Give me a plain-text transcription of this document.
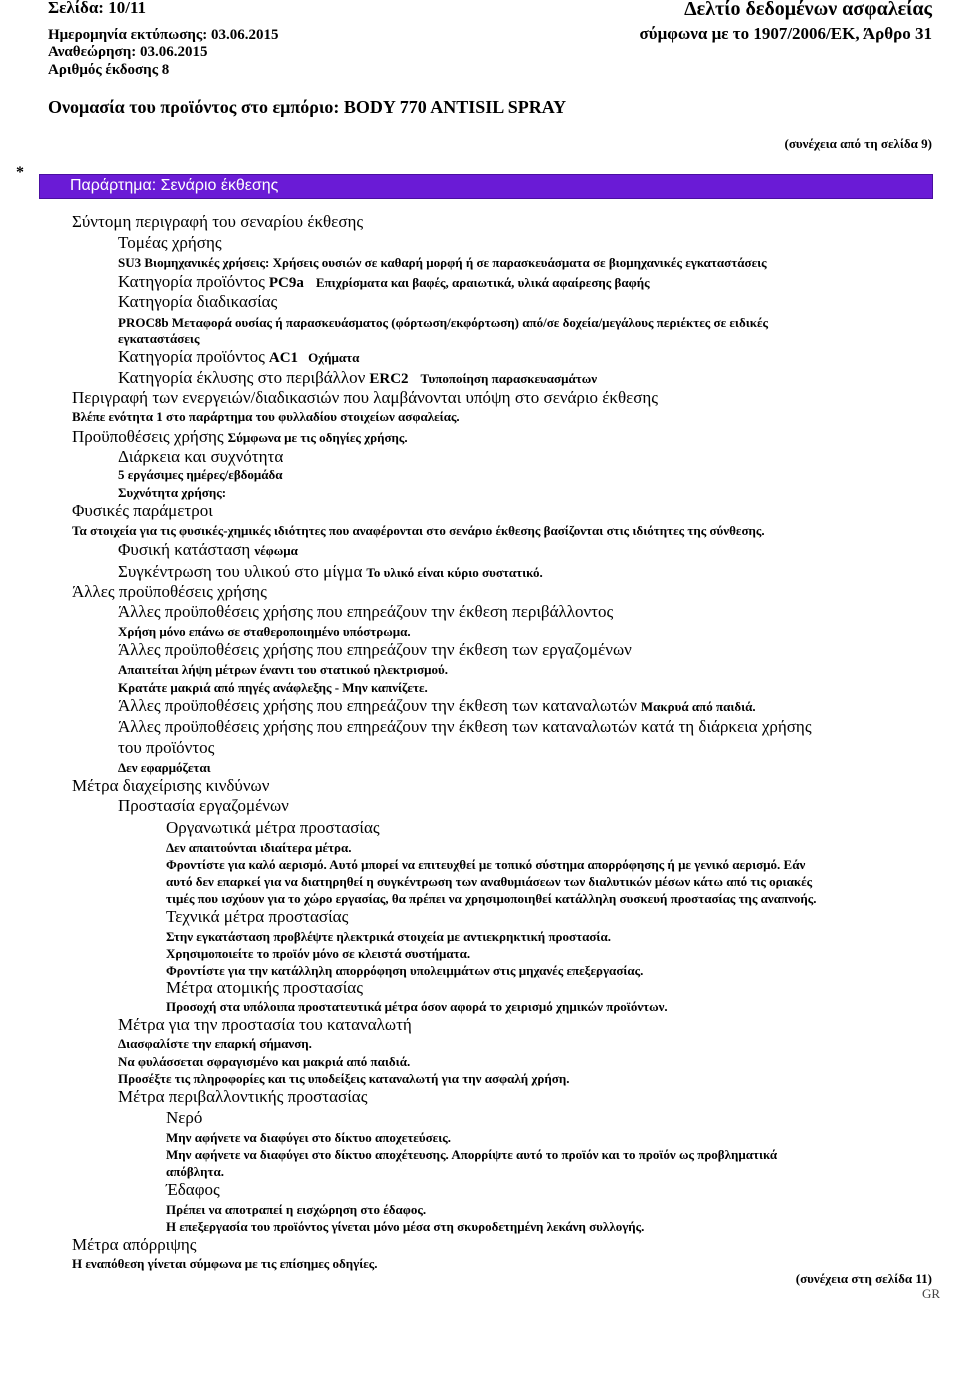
Σελίδα: 10/11
Ημερομηνία εκτύπωσης: 03.06.2015
Αναθεώρηση: 03.06.2015
Αριθμός έκδοσης 8
Δελτίο δεδομένων ασφαλείας
σύμφωνα με το 1907/2006/ΕΚ, Άρθρο 31
Ονομασία του προϊόντος στο εμπόριο: BODY 770 ANTISIL SPRAY
(συνέχεια από τη σελίδα 9)
*
Παράρτημα: Σενάριο έκθεσης
Σύντομη περιγραφή του σεναρίου έκθεσης
Τομέας χρήσης
SU3 Βιομηχανικές χρήσεις: Χρήσεις ουσιών σε καθαρή μορφή ή σε παρασκευάσματα σε βιομηχανικές εγκαταστάσεις
Κατηγορία προϊόντος PC9a Επιχρίσματα και βαφές, αραιωτικά, υλικά αφαίρεσης βαφής
Κατηγορία διαδικασίας
PROC8b Μεταφορά ουσίας ή παρασκευάσματος (φόρτωση/εκφόρτωση) από/σε δοχεία/μεγάλους περιέκτες σε ειδικές
εγκαταστάσεις
Κατηγορία προϊόντος AC1 Οχήματα
Κατηγορία έκλυσης στο περιβάλλον ERC2 Τυποποίηση παρασκευασμάτων
Περιγραφή των ενεργειών/διαδικασιών που λαμβάνονται υπόψη στο σενάριο έκθεσης
Βλέπε ενότητα 1 στο παράρτημα του φυλλαδίου στοιχείων ασφαλείας.
Προϋποθέσεις χρήσης Σύμφωνα με τις οδηγίες χρήσης.
Διάρκεια και συχνότητα
5 εργάσιμες ημέρες/εβδομάδα
Συχνότητα χρήσης:
Φυσικές παράμετροι
Τα στοιχεία για τις φυσικές-χημικές ιδιότητες που αναφέρονται στο σενάριο έκθεσης βασίζονται στις ιδιότητες της σύνθεσης.
Φυσική κατάσταση νέφωμα
Συγκέντρωση του υλικού στο μίγμα Το υλικό είναι κύριο συστατικό.
Άλλες προϋποθέσεις χρήσης
Άλλες προϋποθέσεις χρήσης που επηρεάζουν την έκθεση περιβάλλοντος
Χρήση μόνο επάνω σε σταθεροποιημένο υπόστρωμα.
Άλλες προϋποθέσεις χρήσης που επηρεάζουν την έκθεση των εργαζομένων
Απαιτείται λήψη μέτρων έναντι του στατικού ηλεκτρισμού.
Κρατάτε μακριά από πηγές ανάφλεξης - Μην καπνίζετε.
Άλλες προϋποθέσεις χρήσης που επηρεάζουν την έκθεση των καταναλωτών Μακρυά από παιδιά.
Άλλες προϋποθέσεις χρήσης που επηρεάζουν την έκθεση των καταναλωτών κατά τη διάρκεια χρήσης
του προϊόντος
Δεν εφαρμόζεται
Μέτρα διαχείρισης κινδύνων
Προστασία εργαζομένων
Οργανωτικά μέτρα προστασίας
Δεν απαιτούνται ιδιαίτερα μέτρα.
Φροντίστε για καλό αερισμό. Αυτό μπορεί να επιτευχθεί με τοπικό σύστημα απορρόφησης ή με γενικό αερισμό. Εάν
αυτό δεν επαρκεί για να διατηρηθεί η συγκέντρωση των αναθυμιάσεων των διαλυτικών μέσων κάτω από τις οριακές
τιμές που ισχύουν για το χώρο εργασίας, θα πρέπει να χρησιμοποιηθεί κατάλληλη συσκευή προστασίας της αναπνοής.
Τεχνικά μέτρα προστασίας
Στην εγκατάσταση προβλέψτε ηλεκτρικά στοιχεία με αντιεκρηκτική προστασία.
Χρησιμοποιείτε το προϊόν μόνο σε κλειστά συστήματα.
Φροντίστε για την κατάλληλη απορρόφηση υπολειμμάτων στις μηχανές επεξεργασίας.
Μέτρα ατομικής προστασίας
Προσοχή στα υπόλοιπα προστατευτικά μέτρα όσον αφορά το χειρισμό χημικών προϊόντων.
Μέτρα για την προστασία του καταναλωτή
Διασφαλίστε την επαρκή σήμανση.
Να φυλάσσεται σφραγισμένο και μακριά από παιδιά.
Προσέξτε τις πληροφορίες και τις υποδείξεις καταναλωτή για την ασφαλή χρήση.
Μέτρα περιβαλλοντικής προστασίας
Νερό
Μην αφήνετε να διαφύγει στο δίκτυο αποχετεύσεις.
Μην αφήνετε να διαφύγει στο δίκτυο αποχέτευσης. Απορρίψτε αυτό το προϊόν και το προϊόν ως προβληματικά
απόβλητα.
Έδαφος
Πρέπει να αποτραπεί η εισχώρηση στο έδαφος.
Η επεξεργασία του προϊόντος γίνεται μόνο μέσα στη σκυροδετημένη λεκάνη συλλογής.
Μέτρα απόρριψης
Η εναπόθεση γίνεται σύμφωνα με τις επίσημες οδηγίες.
(συνέχεια στη σελίδα 11)
GR
